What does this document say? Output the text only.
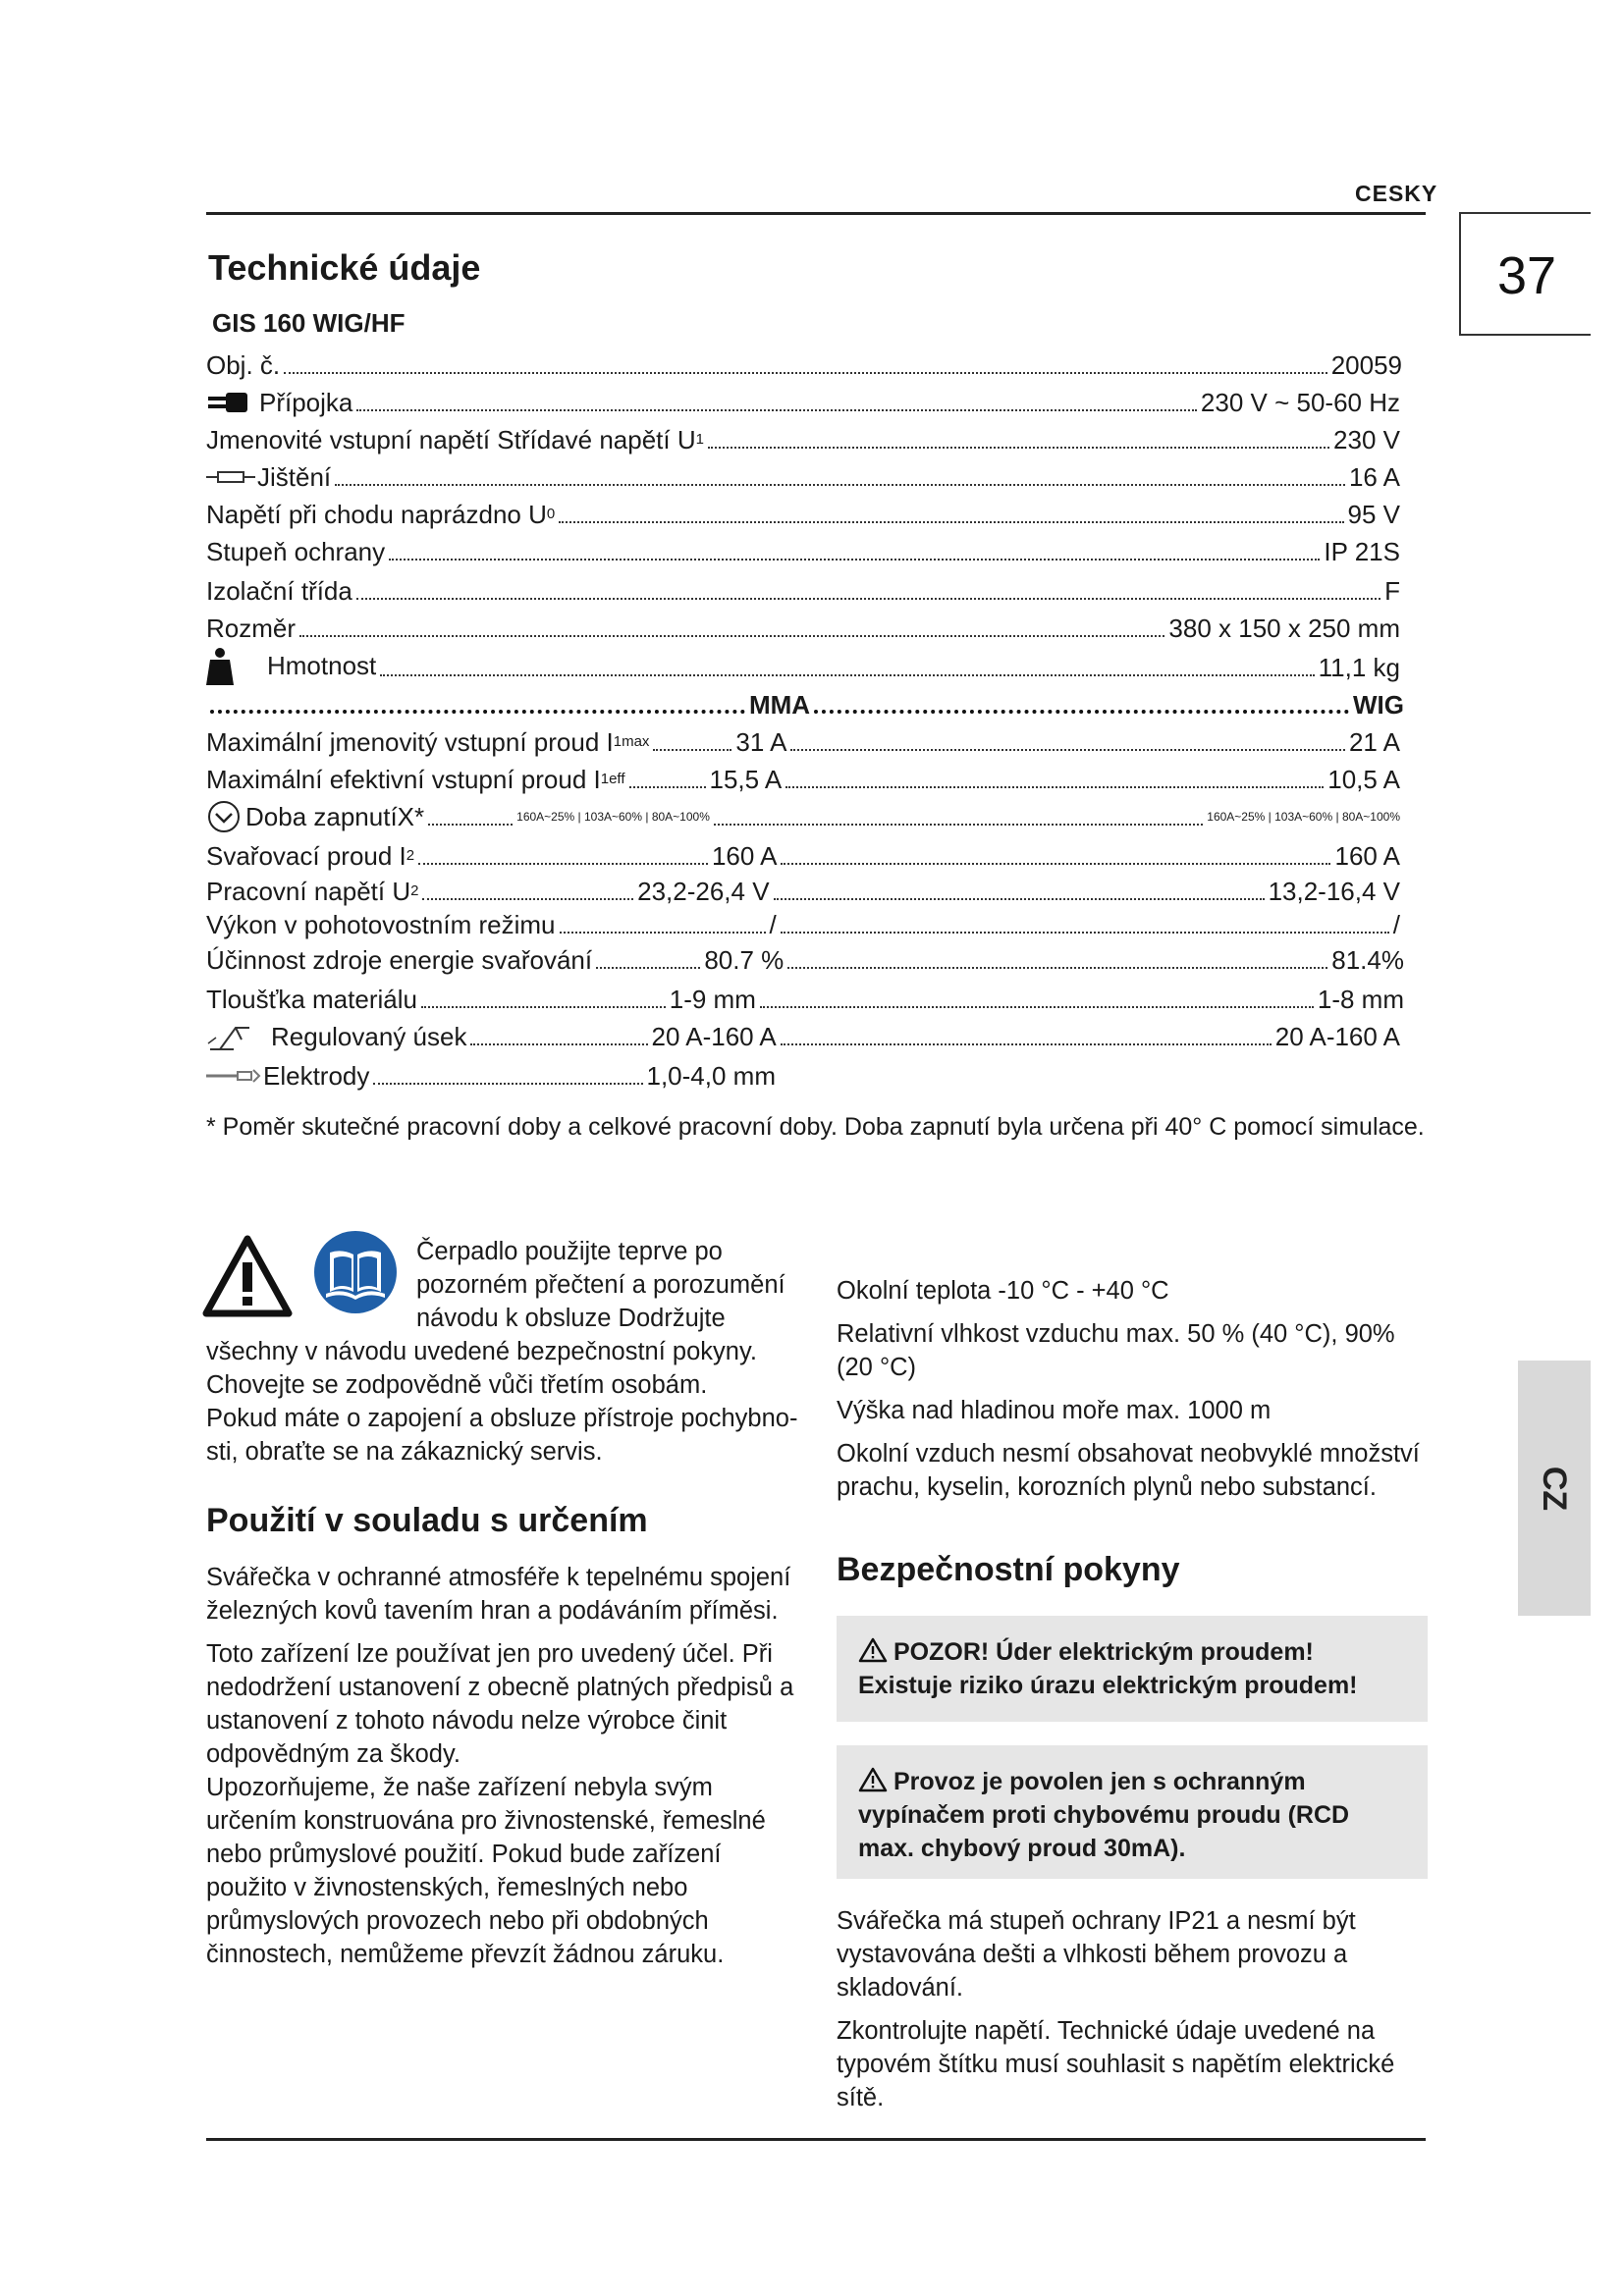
CESKY
37
CZ
Technické údaje
GIS 160 WIG/HF
Obj. č.	20059
Přípojka	230 V ~ 50-60 Hz
Jmenovité vstupní napětí Střídavé napětí U 1	230 V
Jištění	16 A
Napětí při chodu naprázdno U 0	95 V
Stupeň ochrany	IP 21S
Izolační třída	F
Rozměr	380 x 150 x 250 mm
Hmotnost	11,1 kg
MMA	WIG
Maximální jmenovitý vstupní proud I 1max	31 A	21 A
Maximální efektivní vstupní proud I 1eff	15,5 A	10,5 A
Doba zapnutíX*	160A~25% | 103A~60% | 80A~100%	160A~25% | 103A~60% | 80A~100%
Svařovací proud I 2	160 A	160 A
Pracovní napětí U 2	23,2-26,4 V	13,2-16,4 V
Výkon v pohotovostním režimu	/	/
Účinnost zdroje energie svařování	80.7 %	81.4%
Tloušťka materiálu	1-9 mm	1-8 mm
Regulovaný úsek	20 A-160 A	20 A-160 A
Elektrody	1,0-4,0 mm
* Poměr skutečné pracovní doby a celkové pracovní doby. Doba zapnutí byla určena při 40° C pomocí simulace.
Čerpadlo použijte teprve po
pozorném přečtení a porozumění
návodu k obsluze Dodržujte
všechny v návodu uvedené bezpečnostní pokyny.
Chovejte se zodpovědně vůči třetím osobám.
Pokud máte o zapojení a obsluze přístroje pochybno-
sti, obraťte se na zákaznický servis.
Použití v souladu s určením

Svářečka v ochranné atmosféře k tepelnému spojení železných kovů tavením hran a podáváním příměsi.

Toto zařízení lze používat jen pro uvedený účel. Při nedodržení ustanovení z obecně platných předpisů a ustanovení z tohoto návodu nelze výrobce činit odpovědným za škody.

Upozorňujeme, že naše zařízení nebyla svým určením konstruována pro živnostenské, řemeslné nebo průmyslové použití. Pokud bude zařízení použito v živnostenských, řemeslných nebo průmyslových provozech nebo při obdobných činnostech, nemůžeme převzít žádnou záruku.

Okolní teplota -10 °C - +40 °C

Relativní vlhkost vzduchu max. 50 % (40 °C), 90% (20 °C)

Výška nad hladinou moře max. 1000 m

Okolní vzduch nesmí obsahovat neobvyklé množství prachu, kyselin, korozních plynů nebo substancí.

Bezpečnostní pokyny
POZOR! Úder elektrickým proudem! Existuje riziko úrazu elektrickým proudem!
Provoz je povolen jen s ochranným vypínačem proti chybovému proudu (RCD max. chybový proud 30mA).

Svářečka má stupeň ochrany IP21 a nesmí být vystavována dešti a vlhkosti během provozu a skladování.

Zkontrolujte napětí. Technické údaje uvedené na typovém štítku musí souhlasit s napětím elektrické sítě.
